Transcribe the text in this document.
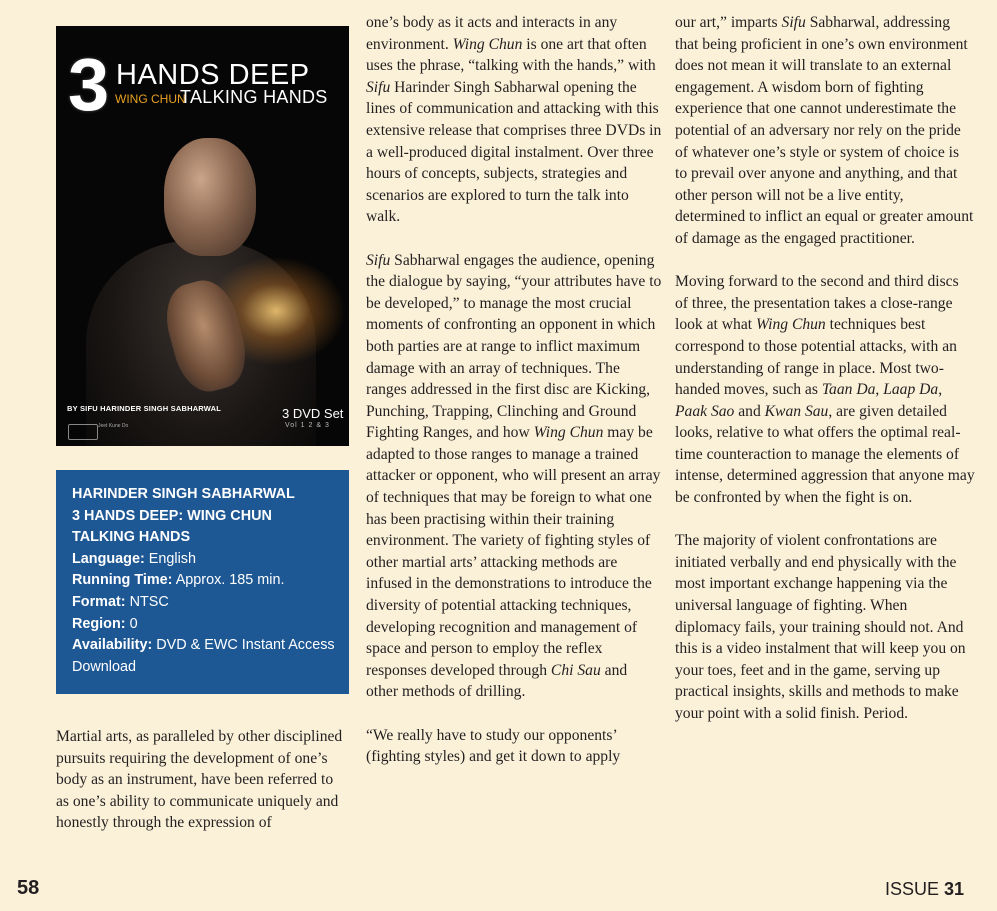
3 HANDS DEEP
WING CHUN
TALKING HANDS
BY SIFU HARINDER SINGH SABHARWAL	3 DVD Set
Vol 1 2 & 3
Jeet Kune Do
HARINDER SINGH SABHARWAL
3 HANDS DEEP: WING CHUN
TALKING HANDS
Language: English
Running Time: Approx. 185 min.
Format: NTSC
Region: 0
Availability: DVD & EWC Instant Access Download

Martial arts, as paralleled by other disciplined pursuits requiring the development of one’s body as an instrument, have been referred to as one’s ability to communicate uniquely and honestly through the expression of

one’s body as it acts and interacts in any environment. Wing Chun is one art that often uses the phrase, “talking with the hands,” with Sifu Harinder Singh Sabharwal opening the lines of communication and attacking with this extensive release that comprises three DVDs in a well-produced digital instalment. Over three hours of concepts, subjects, strategies and scenarios are explored to turn the talk into walk.

Sifu Sabharwal engages the audience, opening the dialogue by saying, “your attributes have to be developed,” to manage the most crucial moments of confronting an opponent in which both parties are at range to inflict maximum damage with an array of techniques. The ranges addressed in the first disc are Kicking, Punching, Trapping, Clinching and Ground Fighting Ranges, and how Wing Chun may be adapted to those ranges to manage a trained attacker or opponent, who will present an array of techniques that may be foreign to what one has been practising within their training environment. The variety of fighting styles of other martial arts’ attacking methods are infused in the demonstrations to introduce the diversity of potential attacking techniques, developing recognition and management of space and person to employ the reflex responses developed through Chi Sau and other methods of drilling.

“We really have to study our opponents’ (fighting styles) and get it down to apply

our art,” imparts Sifu Sabharwal, addressing that being proficient in one’s own environment does not mean it will translate to an external engagement. A wisdom born of fighting experience that one cannot underestimate the potential of an adversary nor rely on the pride of whatever one’s style or system of choice is to prevail over anyone and anything, and that other person will not be a live entity, determined to inflict an equal or greater amount of damage as the engaged practitioner.

Moving forward to the second and third discs of three, the presentation takes a close-range look at what Wing Chun techniques best correspond to those potential attacks, with an understanding of range in place. Most two-handed moves, such as Taan Da, Laap Da, Paak Sao and Kwan Sau, are given detailed looks, relative to what offers the optimal real-time counteraction to manage the elements of intense, determined aggression that anyone may be confronted by when the fight is on.

The majority of violent confrontations are initiated verbally and end physically with the most important exchange happening via the universal language of fighting. When diplomacy fails, your training should not. And this is a video instalment that will keep you on your toes, feet and in the game, serving up practical insights, skills and methods to make your point with a solid finish. Period.

58	ISSUE 31
